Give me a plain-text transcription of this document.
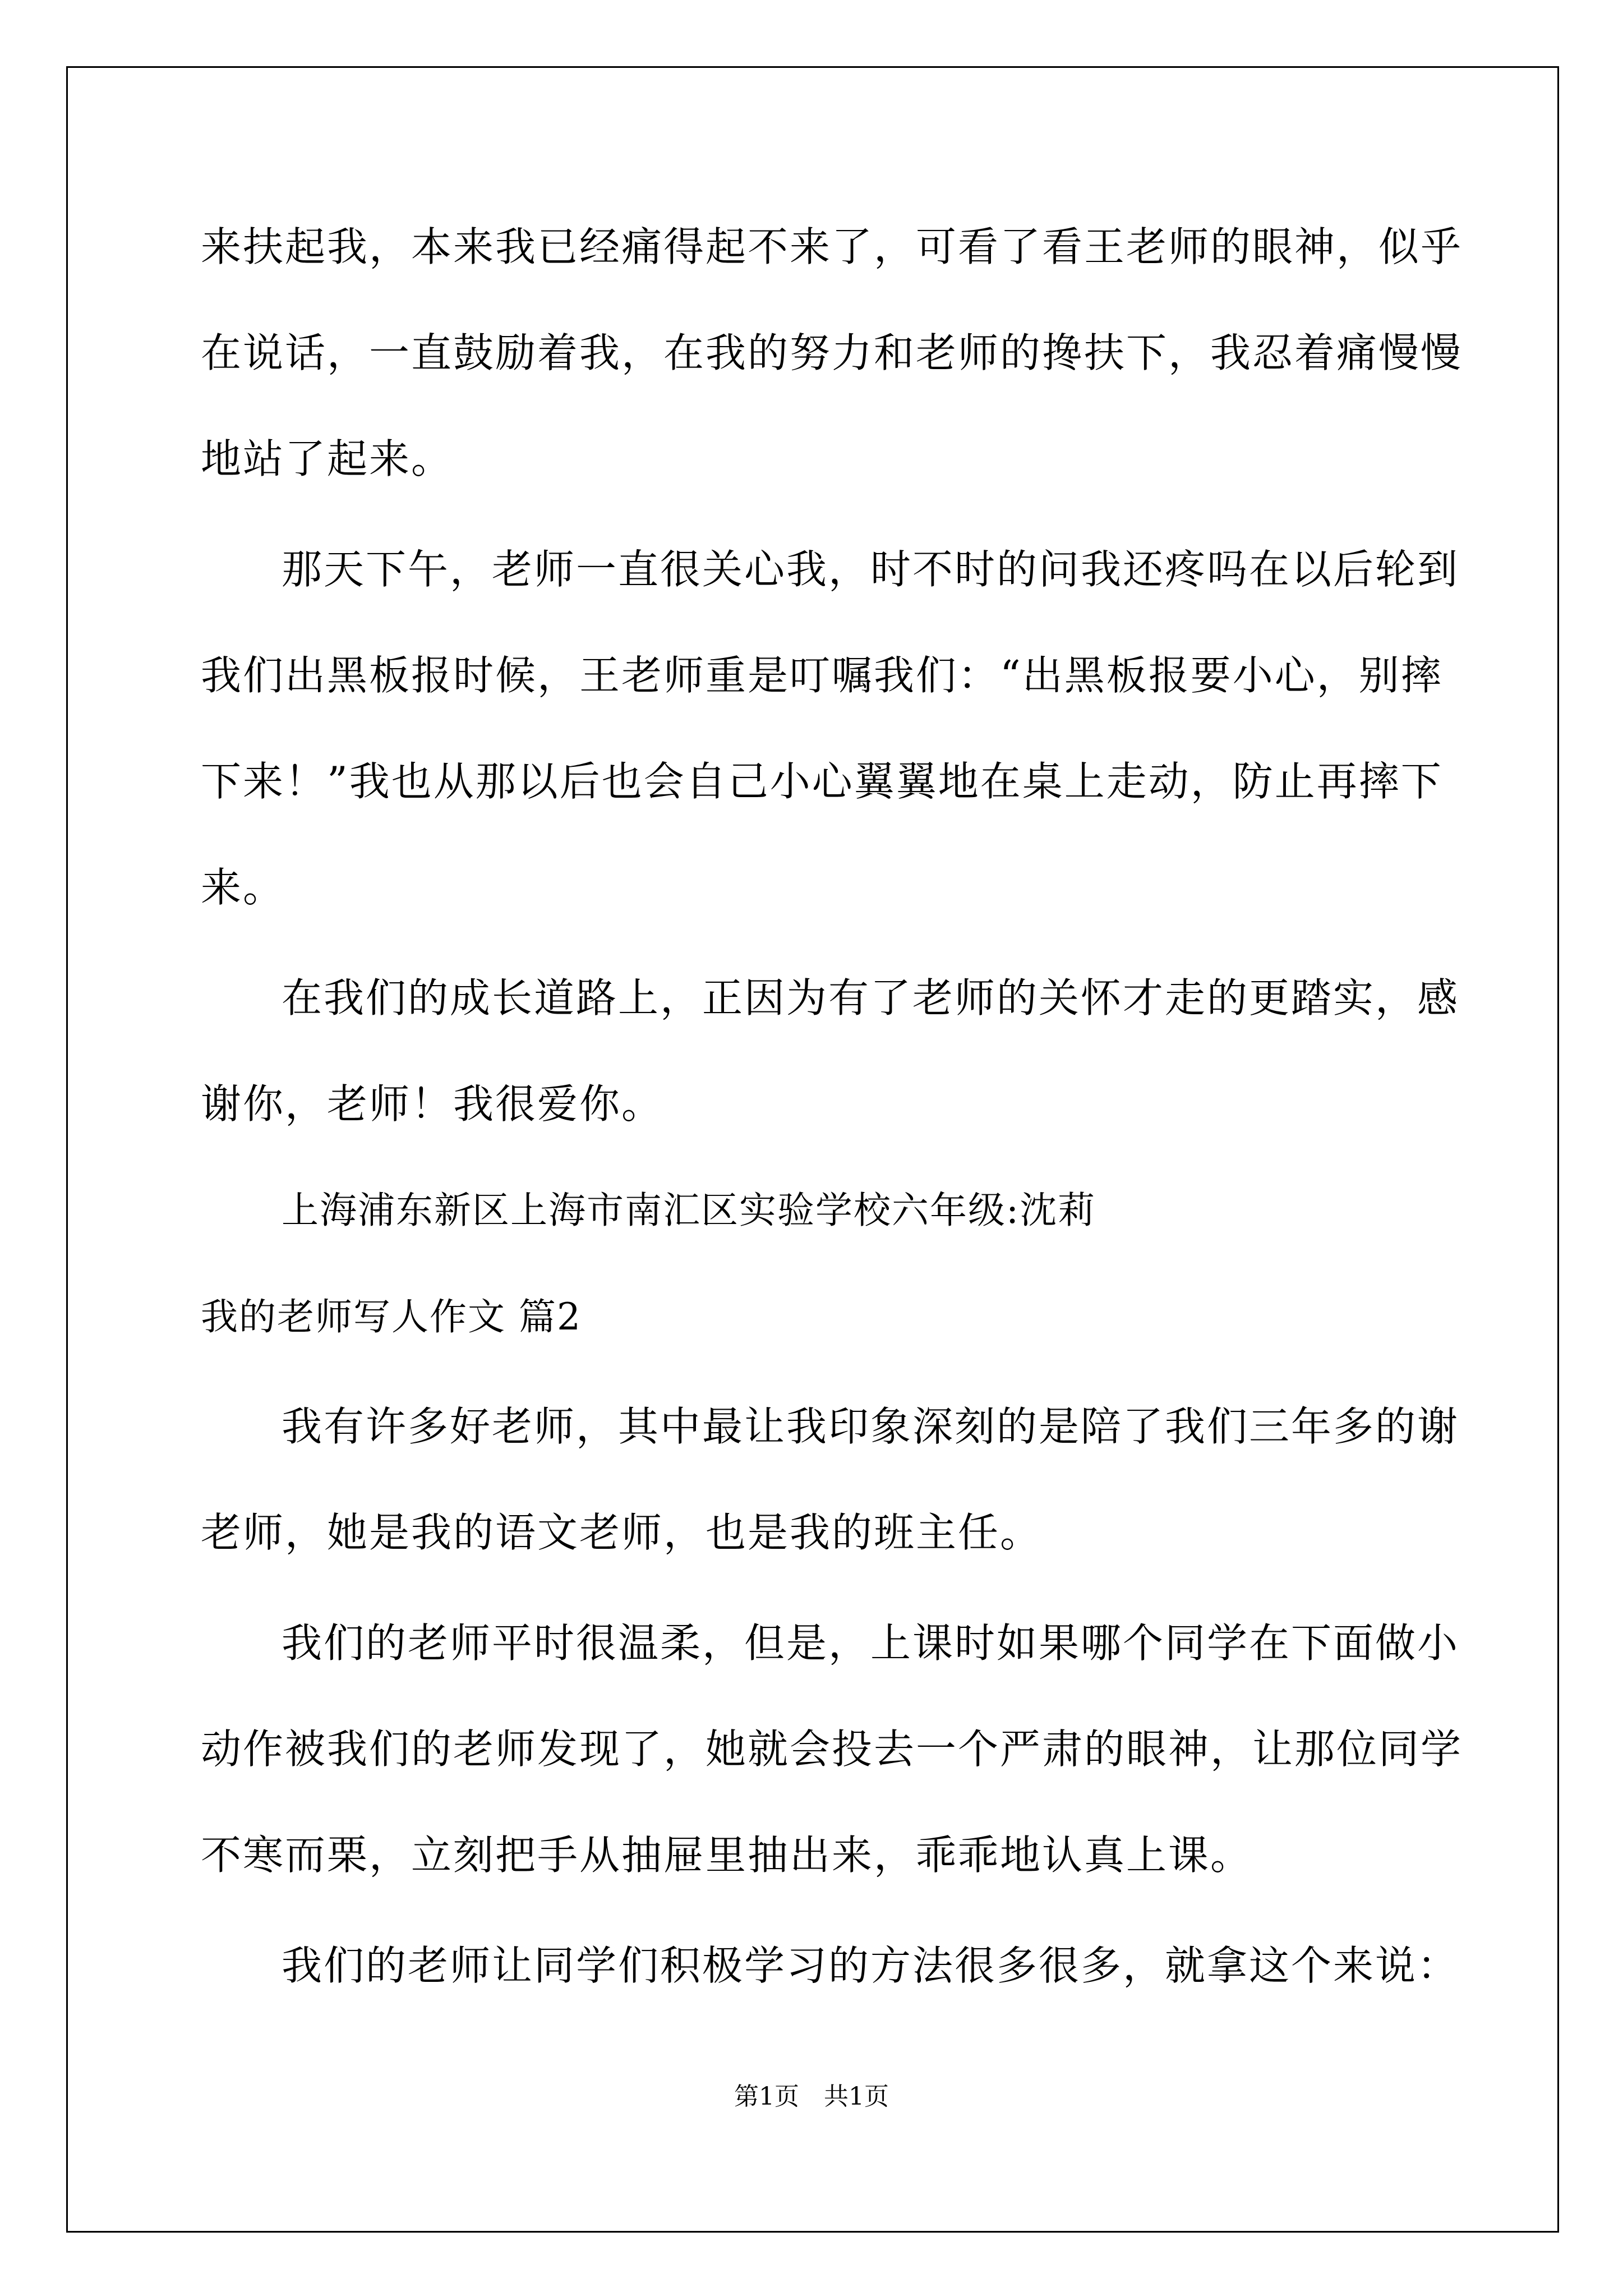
来扶起我，本来我已经痛得起不来了，可看了看王老师的眼神，似乎
在说话，一直鼓励着我，在我的努力和老师的搀扶下，我忍着痛慢慢
地站了起来。
那天下午，老师一直很关心我，时不时的问我还疼吗在以后轮到
我们出黑板报时候，王老师重是叮嘱我们：“出黑板报要小心，别摔
下来！”我也从那以后也会自己小心翼翼地在桌上走动，防止再摔下
来。
在我们的成长道路上，正因为有了老师的关怀才走的更踏实，感
谢你，老师！我很爱你。
上海浦东新区上海市南汇区实验学校六年级:沈莉
我的老师写人作文 篇2
我有许多好老师，其中最让我印象深刻的是陪了我们三年多的谢
老师，她是我的语文老师，也是我的班主任。
我们的老师平时很温柔，但是，上课时如果哪个同学在下面做小
动作被我们的老师发现了，她就会投去一个严肃的眼神，让那位同学
不寒而栗，立刻把手从抽屉里抽出来，乖乖地认真上课。
我们的老师让同学们积极学习的方法很多很多，就拿这个来说：
第1页　共1页
